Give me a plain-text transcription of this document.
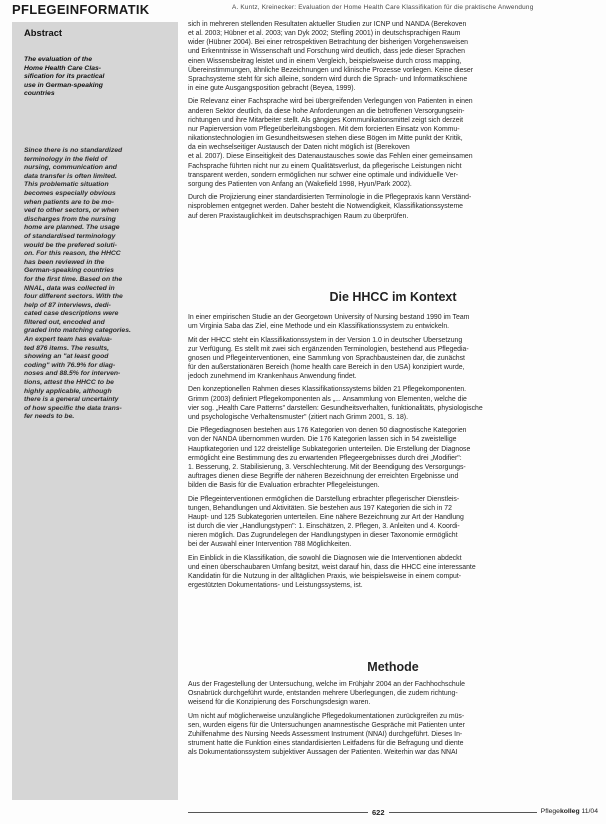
PFLEGEINFORMATIK	A. Kuntz, Kreinecker: Evaluation der Home Health Care Klassifikation für die praktische Anwendung
Abstract
The evaluation of the
Home Health Care Clas-
sification for its practical
use in German-speaking
countries
Since there is no standardized
terminology in the field of
nursing, communication and
data transfer is often limited.
This problematic situation
becomes especially obvious
when patients are to be mo-
ved to other sectors, or when
discharges from the nursing
home are planned. The usage
of standardised terminology
would be the prefered soluti-
on. For this reason, the HHCC
has been reviewed in the
German-speaking countries
for the first time. Based on the
NNAL, data was collected in
four different sectors. With the
help of 87 interviews, dedi-
cated case descriptions were
filtered out, encoded and
graded into matching categories.
An expert team has evalua-
ted 876 items. The results,
showing an "at least good
coding" with 76.9% for diag-
noses and 88.5% for interven-
tions, attest the HHCC to be
highly applicable, although
there is a general uncertainty
of how specific the data trans-
fer needs to be.
sich in mehreren stellenden Resultaten aktueller Studien zur ICNP und NANDA (Berekoven
et al. 2003; Hübner et al. 2003; van Dyk 2002; Stefling 2001) in deutschsprachigen Raum
wider (Hübner 2004). Bei einer retrospektiven Betrachtung der bisherigen Vorgehensweisen
und Erkenntnisse in Wissenschaft und Forschung wird deutlich, dass jede dieser Sprachen
einen Wissensbeitrag leistet und in einem Vergleich, beispielsweise durch cross mapping,
Übereinstimmungen, ähnliche Bezeichnungen und klinische Prozesse vorliegen. Keine dieser
Sprachsysteme steht für sich alleine, sondern wird durch die Sprach- und Informatikschiene
in eine gute Ausgangsposition gebracht (Beyea, 1999).
Die Relevanz einer Fachsprache wird bei übergreifenden Verlegungen von Patienten in einen
anderen Sektor deutlich, da diese hohe Anforderungen an die betroffenen Versorgungsein-
richtungen und ihre Mitarbeiter stellt. Als gängiges Kommunikationsmittel zeigt sich derzeit
nur Papierversion vom Pflegeüberleitungsbogen. Mit dem forcierten Einsatz von Kommu-
nikationstechnologien im Gesundheitswesen stehen diese Bögen im Mitte punkt der Kritik,
da ein wechselseitiger Austausch der Daten nicht möglich ist (Berekoven
et al. 2007). Diese Einseitigkeit des Datenaustausches sowie das Fehlen einer gemeinsamen
Fachsprache führten nicht nur zu einem Qualitätsverlust, da pflegerische Leistungen nicht
transparent werden, sondern ermöglichen nur schwer eine optimale und individuelle Ver-
sorgung des Patienten von Anfang an (Wakefield 1998, Hyun/Park 2002).
Durch die Projizierung einer standardisierten Terminologie in die Pflegepraxis kann Verständ-
nisproblemen entgegnet werden. Daher besteht die Notwendigkeit, Klassifikationssysteme
auf deren Praxistauglichkeit im deutschsprachigen Raum zu überprüfen.
Die HHCC im Kontext
In einer empirischen Studie an der Georgetown University of Nursing bestand 1990 im Team
um Virginia Saba das Ziel, eine Methode und ein Klassifikationssystem zu entwickeln.
Mit der HHCC steht ein Klassifikationssystem in der Version 1.0 in deutscher Übersetzung
zur Verfügung. Es stellt mit zwei sich ergänzenden Terminologien, bestehend aus Pflegedia-
gnosen und Pflegeinterventionen, eine Sammlung von Sprachbausteinen dar, die zunächst
für den außerstationären Bereich (home health care Bereich in den USA) konzipiert wurde,
jedoch zunehmend im Krankenhaus Anwendung findet.
Den konzeptionellen Rahmen dieses Klassifikationssystems bilden 21 Pflegekomponenten.
Grimm (2003) definiert Pflegekomponenten als „... Ansammlung von Elementen, welche die
vier sog. „Health Care Patterns" darstellen: Gesundheitsverhalten, funktionalitäts, physiologische
und psychologische Verhaltensmuster" (zitiert nach Grimm 2001, S. 18).
Die Pflegediagnosen bestehen aus 176 Kategorien von denen 50 diagnostische Kategorien
von der NANDA übernommen wurden. Die 176 Kategorien lassen sich in 54 zweistellige
Hauptkategorien und 122 dreistellige Subkategorien unterteilen. Die Erstellung der Diagnose
ermöglicht eine Bestimmung des zu erwartenden Pflegeergebnisses durch drei „Modifier":
1. Besserung, 2. Stabilisierung, 3. Verschlechterung. Mit der Beendigung des Versorgungs-
auftrages dienen diese Begriffe der näheren Bezeichnung der erreichten Ergebnisse und
bilden die Basis für die Evaluation erbrachter Pflegeleistungen.
Die Pflegeinterventionen ermöglichen die Darstellung erbrachter pflegerischer Dienstleis-
tungen, Behandlungen und Aktivitäten. Sie bestehen aus 197 Kategorien die sich in 72
Haupt- und 125 Subkategorien unterteilen. Eine nähere Bezeichnung zur Art der Handlung
ist durch die vier „Handlungstypen": 1. Einschätzen, 2. Pflegen, 3. Anleiten und 4. Koordi-
nieren möglich. Das Zugrundelegen der Handlungstypen in dieser Taxonomie ermöglicht
bei der Auswahl einer Intervention 788 Möglichkeiten.
Ein Einblick in die Klassifikation, die sowohl die Diagnosen wie die Interventionen abdeckt
und einen überschaubaren Umfang besitzt, weist darauf hin, dass die HHCC eine interessante
Kandidatin für die Nutzung in der alltäglichen Praxis, wie beispielsweise in einem comput-
ergestützten Dokumentations- und Leistungssystems, ist.
Methode
Aus der Fragestellung der Untersuchung, welche im Frühjahr 2004 an der Fachhochschule
Osnabrück durchgeführt wurde, entstanden mehrere Überlegungen, die zudem richtung-
weisend für die Konzipierung des Forschungsdesign waren.
Um nicht auf möglicherweise unzulängliche Pflegedokumentationen zurückgreifen zu müs-
sen, wurden eigens für die Untersuchungen anamnestische Gespräche mit Patienten unter
Zuhilfenahme des Nursing Needs Assessment Instrument (NNAI) durchgeführt. Dieses In-
strument hatte die Funktion eines standardisierten Leitfadens für die Befragung und diente
als Dokumentationssystem subjektiver Aussagen der Patienten. Weiterhin war das NNAI
622	Pflegekolleg 11/04
